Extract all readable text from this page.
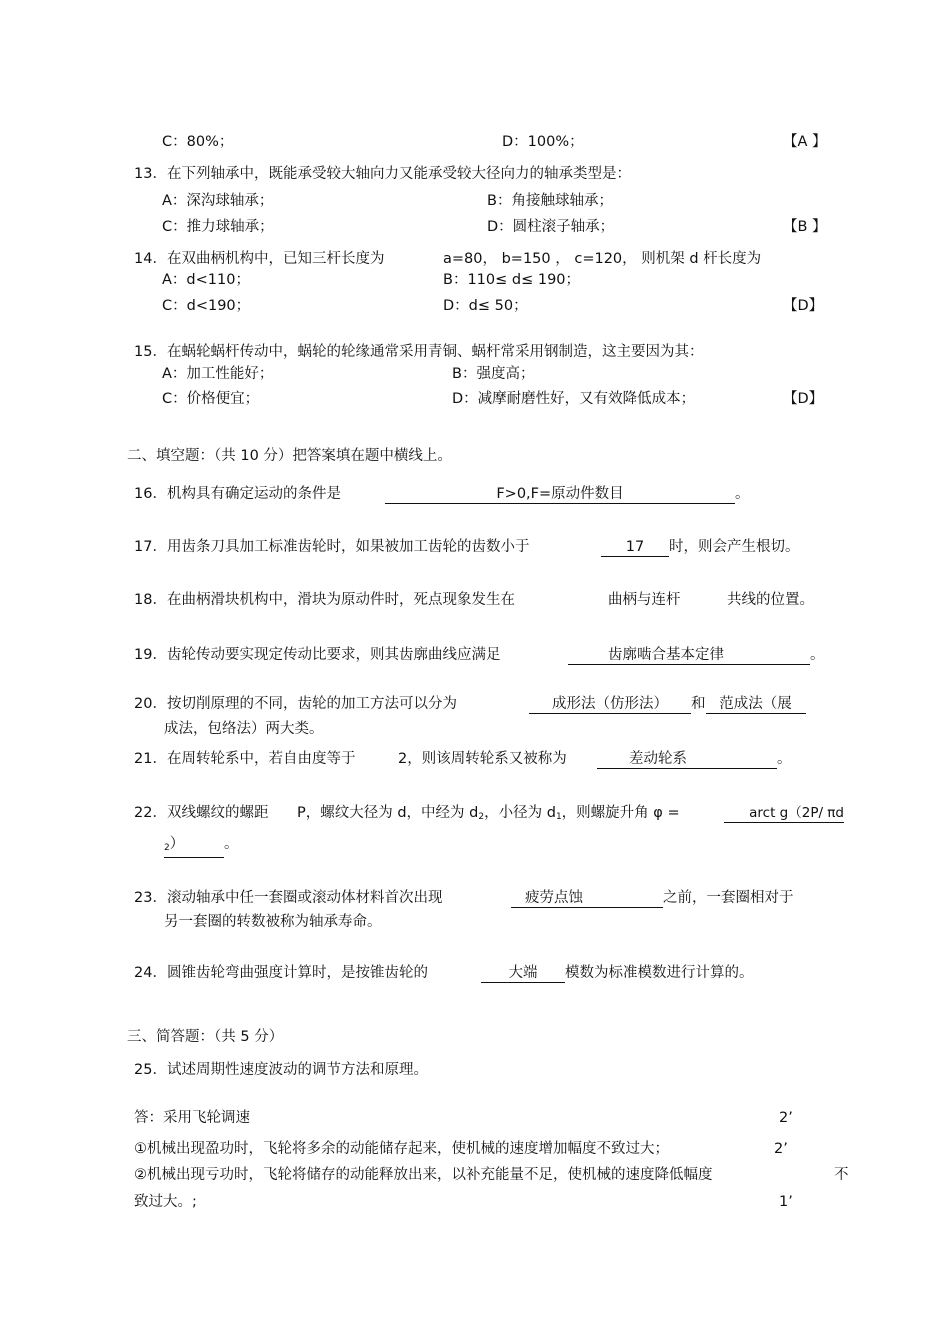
C：80%；	D：100%；	【A 】
13．在下列轴承中，既能承受较大轴向力又能承受较大径向力的轴承类型是：
A：深沟球轴承；	B：角接触球轴承；
C：推力球轴承；	D：圆柱滚子轴承；	【B 】
14．在双曲柄机构中，已知三杆长度为	a=80， b=150 ， c=120， 则机架 d 杆长度为
A：d<110；	B：110≤ d≤ 190；
C：d<190；	D：d≤ 50；	【D】
15．在蜗轮蜗杆传动中，蜗轮的轮缘通常采用青铜、蜗杆常采用钢制造，这主要因为其：
A：加工性能好；	B：强度高；
C：价格便宜；	D：减摩耐磨性好，又有效降低成本；	【D】
二、填空题：（共 10 分）把答案填在题中横线上。
16．机构具有确定运动的条件是	F>0,F=原动件数目	。
17．用齿条刀具加工标准齿轮时，如果被加工齿轮的齿数小于	17 时，则会产生根切。
18．在曲柄滑块机构中，滑块为原动件时，死点现象发生在	曲柄与连杆	共线的位置。
19．齿轮传动要实现定传动比要求，则其齿廓曲线应满足	齿廓啮合基本定律	。
20．按切削原理的不同，齿轮的加工方法可以分为	成形法（仿形法） 和 范成法（展
成法，包络法）两大类。
21．在周转轮系中，若自由度等于	2，则该周转轮系又被称为	差动轮系	。
22．双线螺纹的螺距 P，螺纹大径为 d，中经为 d2，小径为 d1，则螺旋升角 φ =	arct g（2P/ πd
2）	。
23．滚动轴承中任一套圈或滚动体材料首次出现	疲劳点蚀	之前，一套圈相对于
另一套圈的转数被称为轴承寿命。
24．圆锥齿轮弯曲强度计算时，是按锥齿轮的	大端 模数为标准模数进行计算的。
三、简答题：（共 5 分）
25．试述周期性速度波动的调节方法和原理。
答：采用飞轮调速	2’
①机械出现盈功时，飞轮将多余的动能储存起来，使机械的速度增加幅度不致过大；	2’
②机械出现亏功时，飞轮将储存的动能释放出来，以补充能量不足，使机械的速度降低幅度	不
致过大。;	1’
